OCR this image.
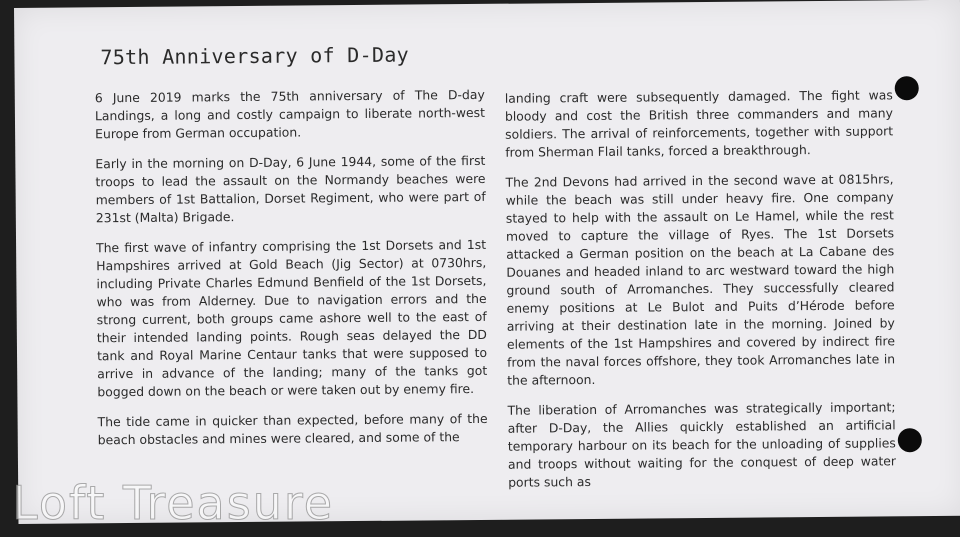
75th Anniversary of D-Day

6 June 2019 marks the 75th anniversary of The D-day Landings, a long and costly campaign to liberate north-west Europe from German occupation.

Early in the morning on D-Day, 6 June 1944, some of the first troops to lead the assault on the Normandy beaches were members of 1st Battalion, Dorset Regiment, who were part of 231st (Malta) Brigade.

The first wave of infantry comprising the 1st Dorsets and 1st Hampshires arrived at Gold Beach (Jig Sector) at 0730hrs, including Private Charles Edmund Benfield of the 1st Dorsets, who was from Alderney. Due to navigation errors and the strong current, both groups came ashore well to the east of their intended landing points. Rough seas delayed the DD tank and Royal Marine Centaur tanks that were supposed to arrive in advance of the landing; many of the tanks got bogged down on the beach or were taken out by enemy fire.

The tide came in quicker than expected, before many of the beach obstacles and mines were cleared, and some of the

landing craft were subsequently damaged. The fight was bloody and cost the British three commanders and many soldiers. The arrival of reinforcements, together with support from Sherman Flail tanks, forced a breakthrough.

The 2nd Devons had arrived in the second wave at 0815hrs, while the beach was still under heavy fire. One company stayed to help with the assault on Le Hamel, while the rest moved to capture the village of Ryes. The 1st Dorsets attacked a German position on the beach at La Cabane des Douanes and headed inland to arc westward toward the high ground south of Arromanches. They successfully cleared enemy positions at Le Bulot and Puits d’Hérode before arriving at their destination late in the morning. Joined by elements of the 1st Hampshires and covered by indirect fire from the naval forces offshore, they took Arromanches late in the afternoon.

The liberation of Arromanches was strategically important; after D-Day, the Allies quickly established an artificial temporary harbour on its beach for the unloading of supplies and troops without waiting for the conquest of deep water ports such as

Loft Treasure
